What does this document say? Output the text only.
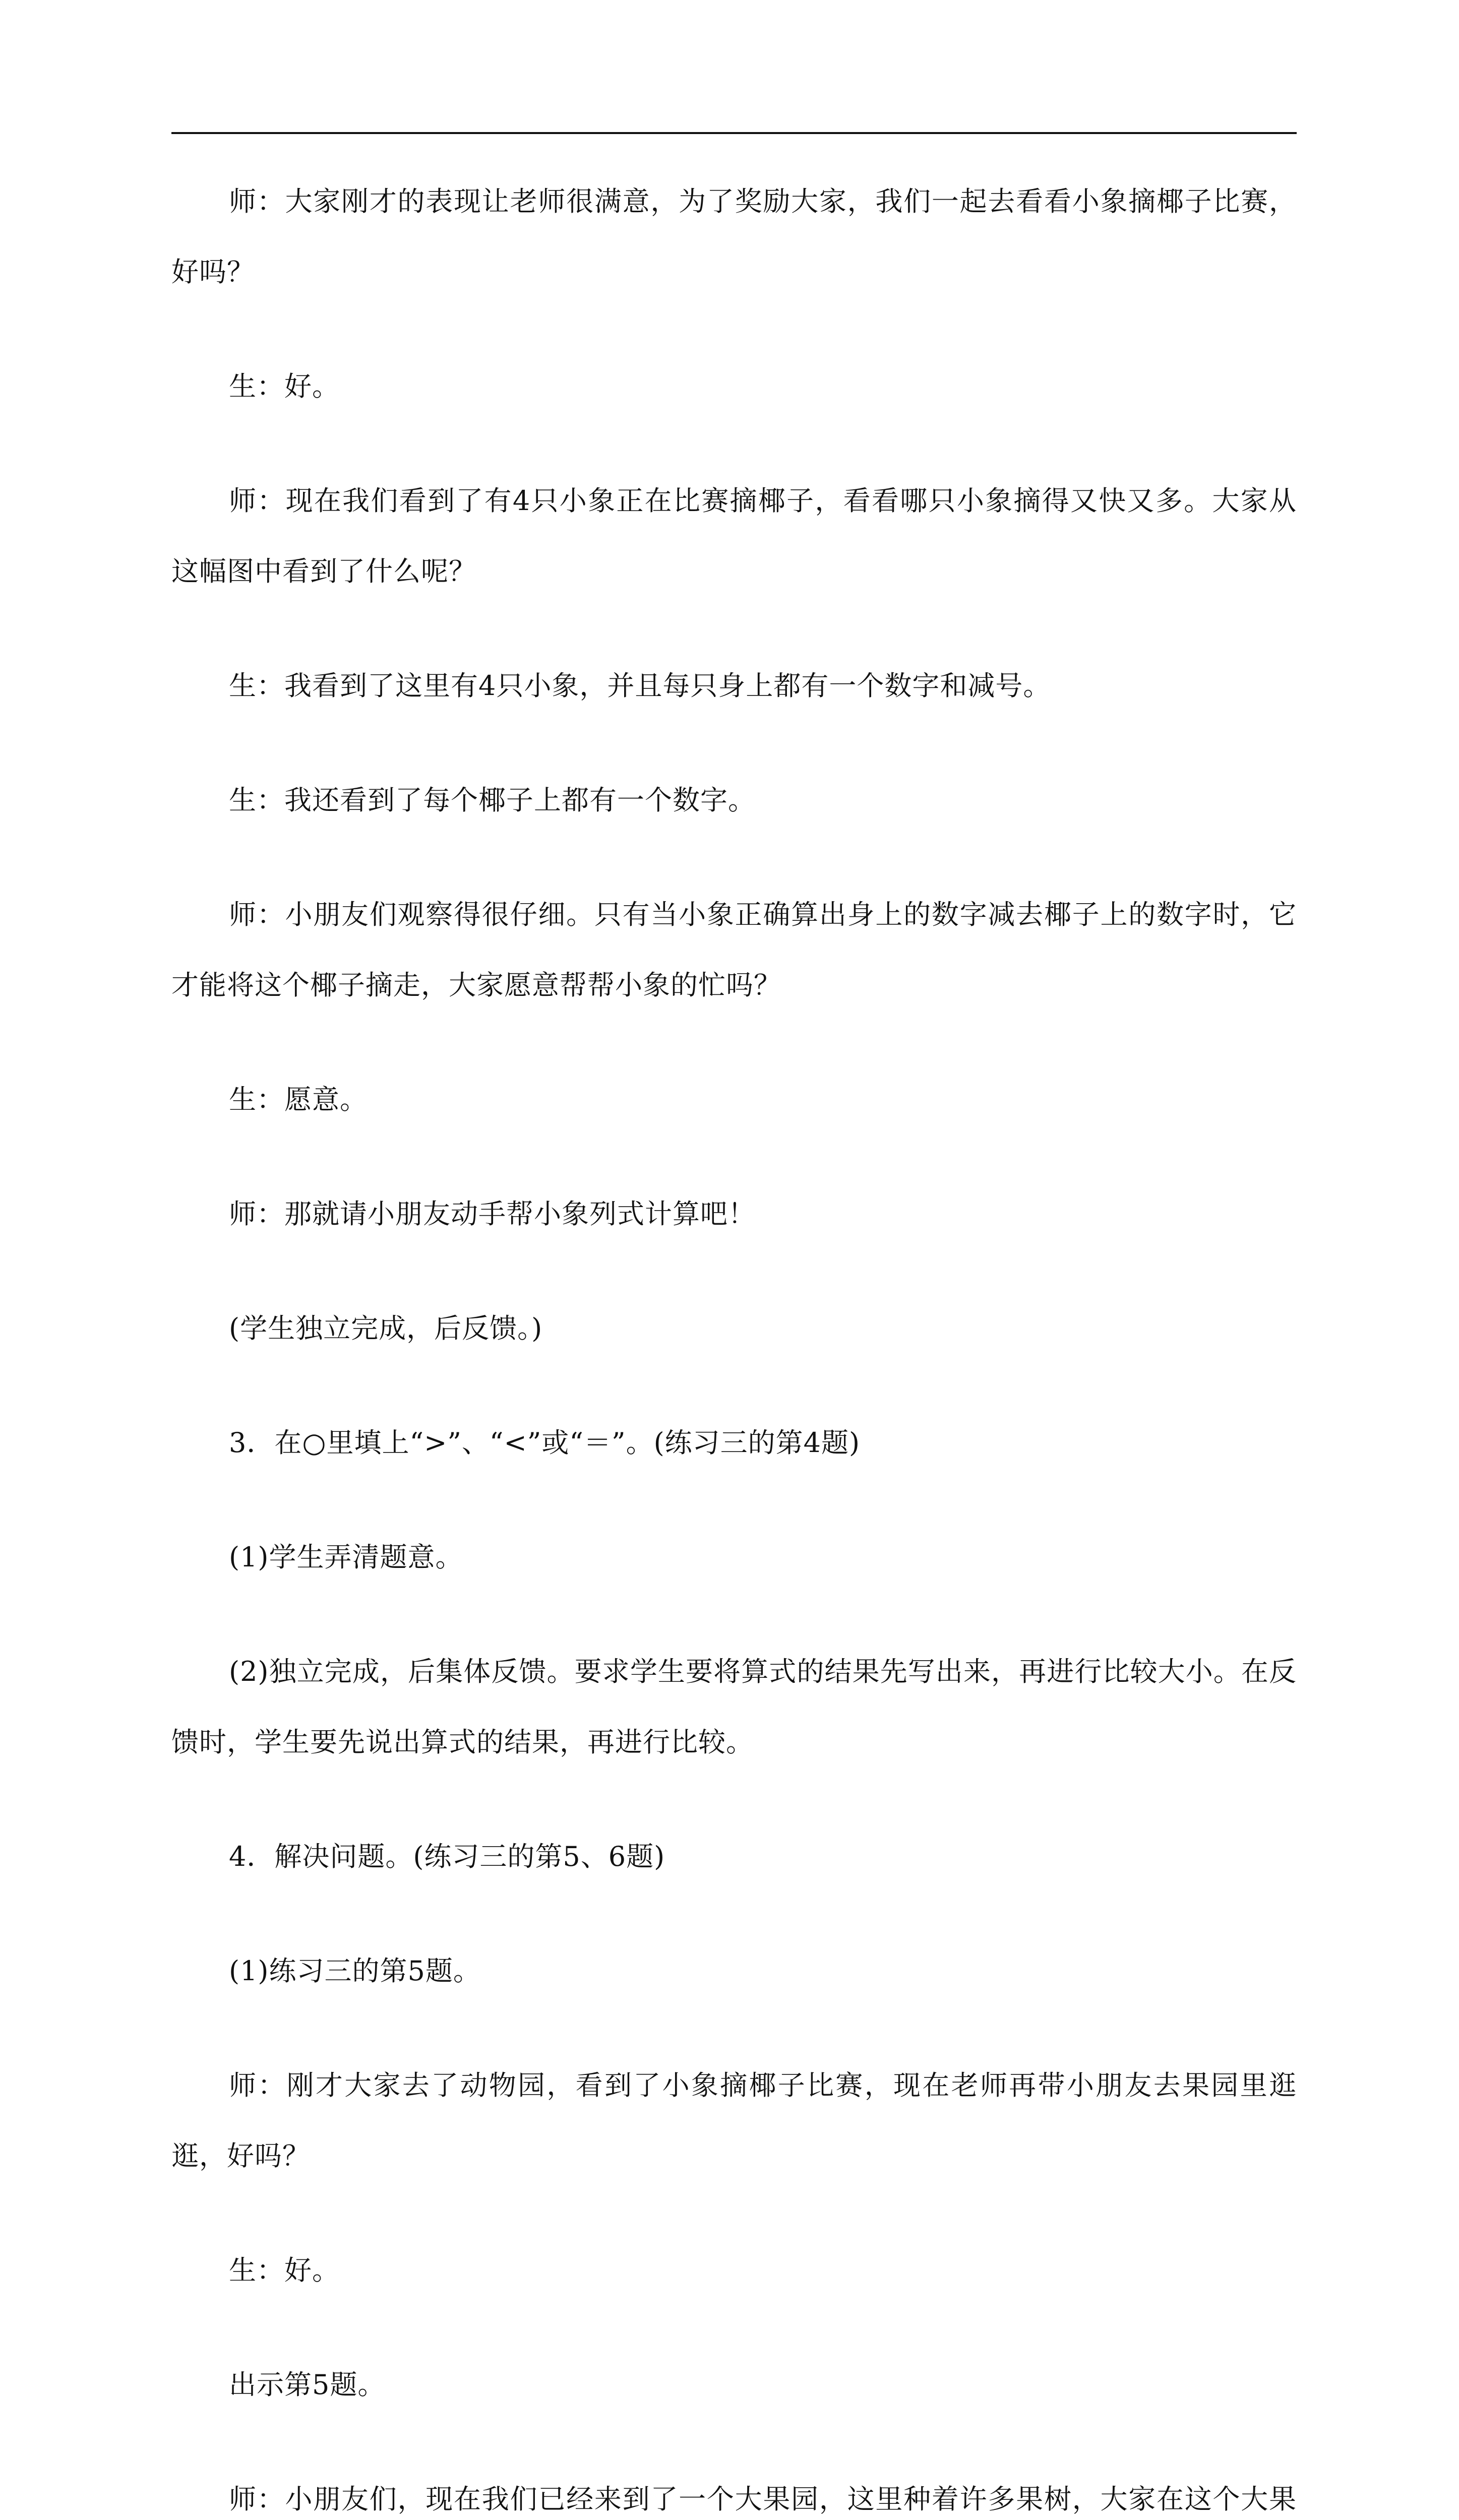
师：大家刚才的表现让老师很满意，为了奖励大家，我们一起去看看小象摘椰子比赛，好吗？

生：好。

师：现在我们看到了有4只小象正在比赛摘椰子，看看哪只小象摘得又快又多。大家从这幅图中看到了什么呢？

生：我看到了这里有4只小象，并且每只身上都有一个数字和减号。

生：我还看到了每个椰子上都有一个数字。

师：小朋友们观察得很仔细。只有当小象正确算出身上的数字减去椰子上的数字时，它才能将这个椰子摘走，大家愿意帮帮小象的忙吗？

生：愿意。

师：那就请小朋友动手帮小象列式计算吧！

(学生独立完成，后反馈。)

3．在○里填上“>”、“<”或“＝”。(练习三的第4题)

(1)学生弄清题意。

(2)独立完成，后集体反馈。要求学生要将算式的结果先写出来，再进行比较大小。在反馈时，学生要先说出算式的结果，再进行比较。

4．解决问题。(练习三的第5、6题)

(1)练习三的第5题。

师：刚才大家去了动物园，看到了小象摘椰子比赛，现在老师再带小朋友去果园里逛逛，好吗？

生：好。

出示第5题。

师：小朋友们，现在我们已经来到了一个大果园，这里种着许多果树，大家在这个大果
